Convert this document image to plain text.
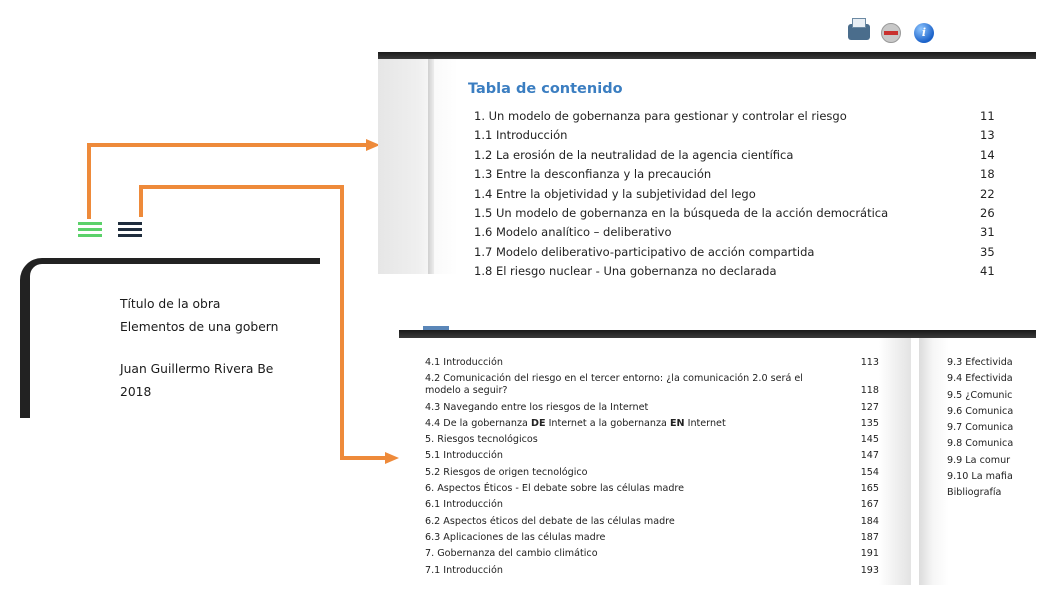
Título de la obra
Elementos de una gobern
Juan Guillermo Rivera Be
2018
i
Tabla de contenido
1. Un modelo de gobernanza para gestionar y controlar el riesgo	11
1.1 Introducción	13
1.2 La erosión de la neutralidad de la agencia científica	14
1.3 Entre la desconfianza y la precaución	18
1.4 Entre la objetividad y la subjetividad del lego	22
1.5 Un modelo de gobernanza en la búsqueda de la acción democrática	26
1.6 Modelo analítico – deliberativo	31
1.7 Modelo deliberativo-participativo de acción compartida	35
1.8 El riesgo nuclear - Una gobernanza no declarada	41
4.1 Introducción	113
4.2 Comunicación del riesgo en el tercer entorno: ¿la comunicación 2.0 será el modelo a seguir?	118
4.3 Navegando entre los riesgos de la Internet	127
4.4 De la gobernanza DE Internet a la gobernanza EN Internet	135
5. Riesgos tecnológicos	145
5.1 Introducción	147
5.2 Riesgos de origen tecnológico	154
6. Aspectos Éticos - El debate sobre las células madre	165
6.1 Introducción	167
6.2 Aspectos éticos del debate de las células madre	184
6.3 Aplicaciones de las células madre	187
7. Gobernanza del cambio climático	191
7.1 Introducción	193
9.3 Efectivida
9.4 Efectivida
9.5 ¿Comunic
9.6 Comunica
9.7 Comunica
9.8 Comunica
9.9 La comur
9.10 La mafia
Bibliografía
